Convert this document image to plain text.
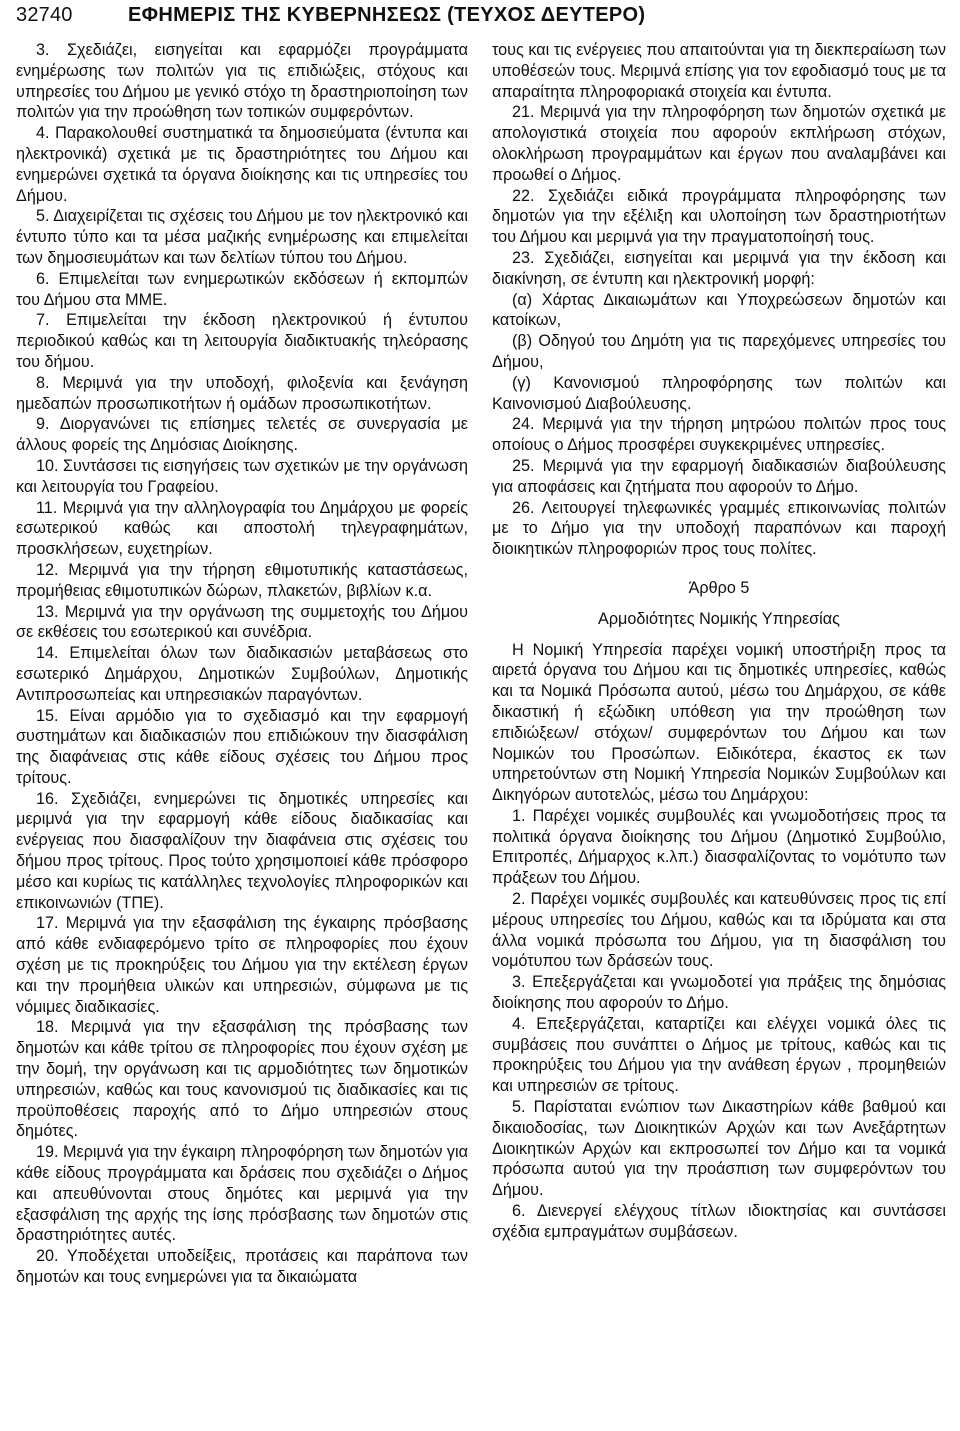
32740	ΕΦΗΜΕΡΙΣ ΤΗΣ ΚΥΒΕΡΝΗΣΕΩΣ (ΤΕΥΧΟΣ ΔΕΥΤΕΡΟ)

3. Σχεδιάζει, εισηγείται και εφαρμόζει προγράμματα ενημέρωσης των πολιτών για τις επιδιώξεις, στόχους και υπηρεσίες του Δήμου με γενικό στόχο τη δραστηριοποίηση των πολιτών για την προώθηση των τοπικών συμφερόντων.

4. Παρακολουθεί συστηματικά τα δημοσιεύματα (έντυπα και ηλεκτρονικά) σχετικά με τις δραστηριότητες του Δήμου και ενημερώνει σχετικά τα όργανα διοίκησης και τις υπηρεσίες του Δήμου.

5. Διαχειρίζεται τις σχέσεις του Δήμου με τον ηλεκτρονικό και έντυπο τύπο και τα μέσα μαζικής ενημέρωσης και επιμελείται των δημοσιευμάτων και των δελτίων τύπου του Δήμου.

6. Επιμελείται των ενημερωτικών εκδόσεων ή εκπομπών του Δήμου στα ΜΜΕ.

7. Επιμελείται την έκδοση ηλεκτρονικού ή έντυπου περιοδικού καθώς και τη λειτουργία διαδικτυακής τηλεόρασης του δήμου.

8. Μεριμνά για την υποδοχή, φιλοξενία και ξενάγηση ημεδαπών προσωπικοτήτων ή ομάδων προσωπικοτήτων.

9. Διοργανώνει τις επίσημες τελετές σε συνεργασία με άλλους φορείς της Δημόσιας Διοίκησης.

10. Συντάσσει τις εισηγήσεις των σχετικών με την οργάνωση και λειτουργία του Γραφείου.

11. Μεριμνά για την αλληλογραφία του Δημάρχου με φορείς εσωτερικού καθώς και αποστολή τηλεγραφημάτων, προσκλήσεων, ευχετηρίων.

12. Μεριμνά για την τήρηση εθιμοτυπικής καταστάσεως, προμήθειας εθιμοτυπικών δώρων, πλακετών, βιβλίων κ.α.

13. Μεριμνά για την οργάνωση της συμμετοχής του Δήμου σε εκθέσεις του εσωτερικού και συνέδρια.

14. Επιμελείται όλων των διαδικασιών μεταβάσεως στο εσωτερικό Δημάρχου, Δημοτικών Συμβούλων, Δημοτικής Αντιπροσωπείας και υπηρεσιακών παραγόντων.

15. Είναι αρμόδιο για το σχεδιασμό και την εφαρμογή συστημάτων και διαδικασιών που επιδιώκουν την διασφάλιση της διαφάνειας στις κάθε είδους σχέσεις του Δήμου προς τρίτους.

16. Σχεδιάζει, ενημερώνει τις δημοτικές υπηρεσίες και μεριμνά για την εφαρμογή κάθε είδους διαδικασίας και ενέργειας που διασφαλίζουν την διαφάνεια στις σχέσεις του δήμου προς τρίτους. Προς τούτο χρησιμοποιεί κάθε πρόσφορο μέσο και κυρίως τις κατάλληλες τεχνολογίες πληροφορικών και επικοινωνιών (ΤΠΕ).

17. Μεριμνά για την εξασφάλιση της έγκαιρης πρόσβασης από κάθε ενδιαφερόμενο τρίτο σε πληροφορίες που έχουν σχέση με τις προκηρύξεις του Δήμου για την εκτέλεση έργων και την προμήθεια υλικών και υπηρεσιών, σύμφωνα με τις νόμιμες διαδικασίες.

18. Μεριμνά για την εξασφάλιση της πρόσβασης των δημοτών και κάθε τρίτου σε πληροφορίες που έχουν σχέση με την δομή, την οργάνωση και τις αρμοδιότητες των δημοτικών υπηρεσιών, καθώς και τους κανονισμού τις διαδικασίες και τις προϋποθέσεις παροχής από το Δήμο υπηρεσιών στους δημότες.

19. Μεριμνά για την έγκαιρη πληροφόρηση των δημοτών για κάθε είδους προγράμματα και δράσεις που σχεδιάζει ο Δήμος και απευθύνονται στους δημότες και μεριμνά για την εξασφάλιση της αρχής της ίσης πρόσβασης των δημοτών στις δραστηριότητες αυτές.

20. Υποδέχεται υποδείξεις, προτάσεις και παράπονα των δημοτών και τους ενημερώνει για τα δικαιώματα

τους και τις ενέργειες που απαιτούνται για τη διεκπεραίωση των υποθέσεών τους. Μεριμνά επίσης για τον εφοδιασμό τους με τα απαραίτητα πληροφοριακά στοιχεία και έντυπα.

21. Μεριμνά για την πληροφόρηση των δημοτών σχετικά με απολογιστικά στοιχεία που αφορούν εκπλήρωση στόχων, ολοκλήρωση προγραμμάτων και έργων που αναλαμβάνει και προωθεί ο Δήμος.

22. Σχεδιάζει ειδικά προγράμματα πληροφόρησης των δημοτών για την εξέλιξη και υλοποίηση των δραστηριοτήτων του Δήμου και μεριμνά για την πραγματοποίησή τους.

23. Σχεδιάζει, εισηγείται και μεριμνά για την έκδοση και διακίνηση, σε έντυπη και ηλεκτρονική μορφή:

(α) Χάρτας Δικαιωμάτων και Υποχρεώσεων δημοτών και κατοίκων,

(β) Οδηγού του Δημότη για τις παρεχόμενες υπηρεσίες του Δήμου,

(γ) Κανονισμού πληροφόρησης των πολιτών και Καινονισμού Διαβούλευσης.

24. Μεριμνά για την τήρηση μητρώου πολιτών προς τους οποίους ο Δήμος προσφέρει συγκεκριμένες υπηρεσίες.

25. Μεριμνά για την εφαρμογή διαδικασιών διαβούλευσης για αποφάσεις και ζητήματα που αφορούν το Δήμο.

26. Λειτουργεί τηλεφωνικές γραμμές επικοινωνίας πολιτών με το Δήμο για την υποδοχή παραπόνων και παροχή διοικητικών πληροφοριών προς τους πολίτες.

Άρθρο 5

Αρμοδιότητες Νομικής Υπηρεσίας

Η Νομική Υπηρεσία παρέχει νομική υποστήριξη προς τα αιρετά όργανα του Δήμου και τις δημοτικές υπηρεσίες, καθώς και τα Νομικά Πρόσωπα αυτού, μέσω του Δημάρχου, σε κάθε δικαστική ή εξώδικη υπόθεση για την προώθηση των επιδιώξεων/ στόχων/ συμφερόντων του Δήμου και των Νομικών του Προσώπων. Ειδικότερα, έκαστος εκ των υπηρετούντων στη Νομική Υπηρεσία Νομικών Συμβούλων και Δικηγόρων αυτοτελώς, μέσω του Δημάρχου:

1. Παρέχει νομικές συμβουλές και γνωμοδοτήσεις προς τα πολιτικά όργανα διοίκησης του Δήμου (Δημοτικό Συμβούλιο, Επιτροπές, Δήμαρχος κ.λπ.) διασφαλίζοντας το νομότυπο των πράξεων του Δήμου.

2. Παρέχει νομικές συμβουλές και κατευθύνσεις προς τις επί μέρους υπηρεσίες του Δήμου, καθώς και τα ιδρύματα και στα άλλα νομικά πρόσωπα του Δήμου, για τη διασφάλιση του νομότυπου των δράσεών τους.

3. Επεξεργάζεται και γνωμοδοτεί για πράξεις της δημόσιας διοίκησης που αφορούν το Δήμο.

4. Επεξεργάζεται, καταρτίζει και ελέγχει νομικά όλες τις συμβάσεις που συνάπτει ο Δήμος με τρίτους, καθώς και τις προκηρύξεις του Δήμου για την ανάθεση έργων , προμηθειών και υπηρεσιών σε τρίτους.

5. Παρίσταται ενώπιον των Δικαστηρίων κάθε βαθμού και δικαιοδοσίας, των Διοικητικών Αρχών και των Ανεξάρτητων Διοικητικών Αρχών και εκπροσωπεί τον Δήμο και τα νομικά πρόσωπα αυτού για την προάσπιση των συμφερόντων του Δήμου.

6. Διενεργεί ελέγχους τίτλων ιδιοκτησίας και συντάσσει σχέδια εμπραγμάτων συμβάσεων.
